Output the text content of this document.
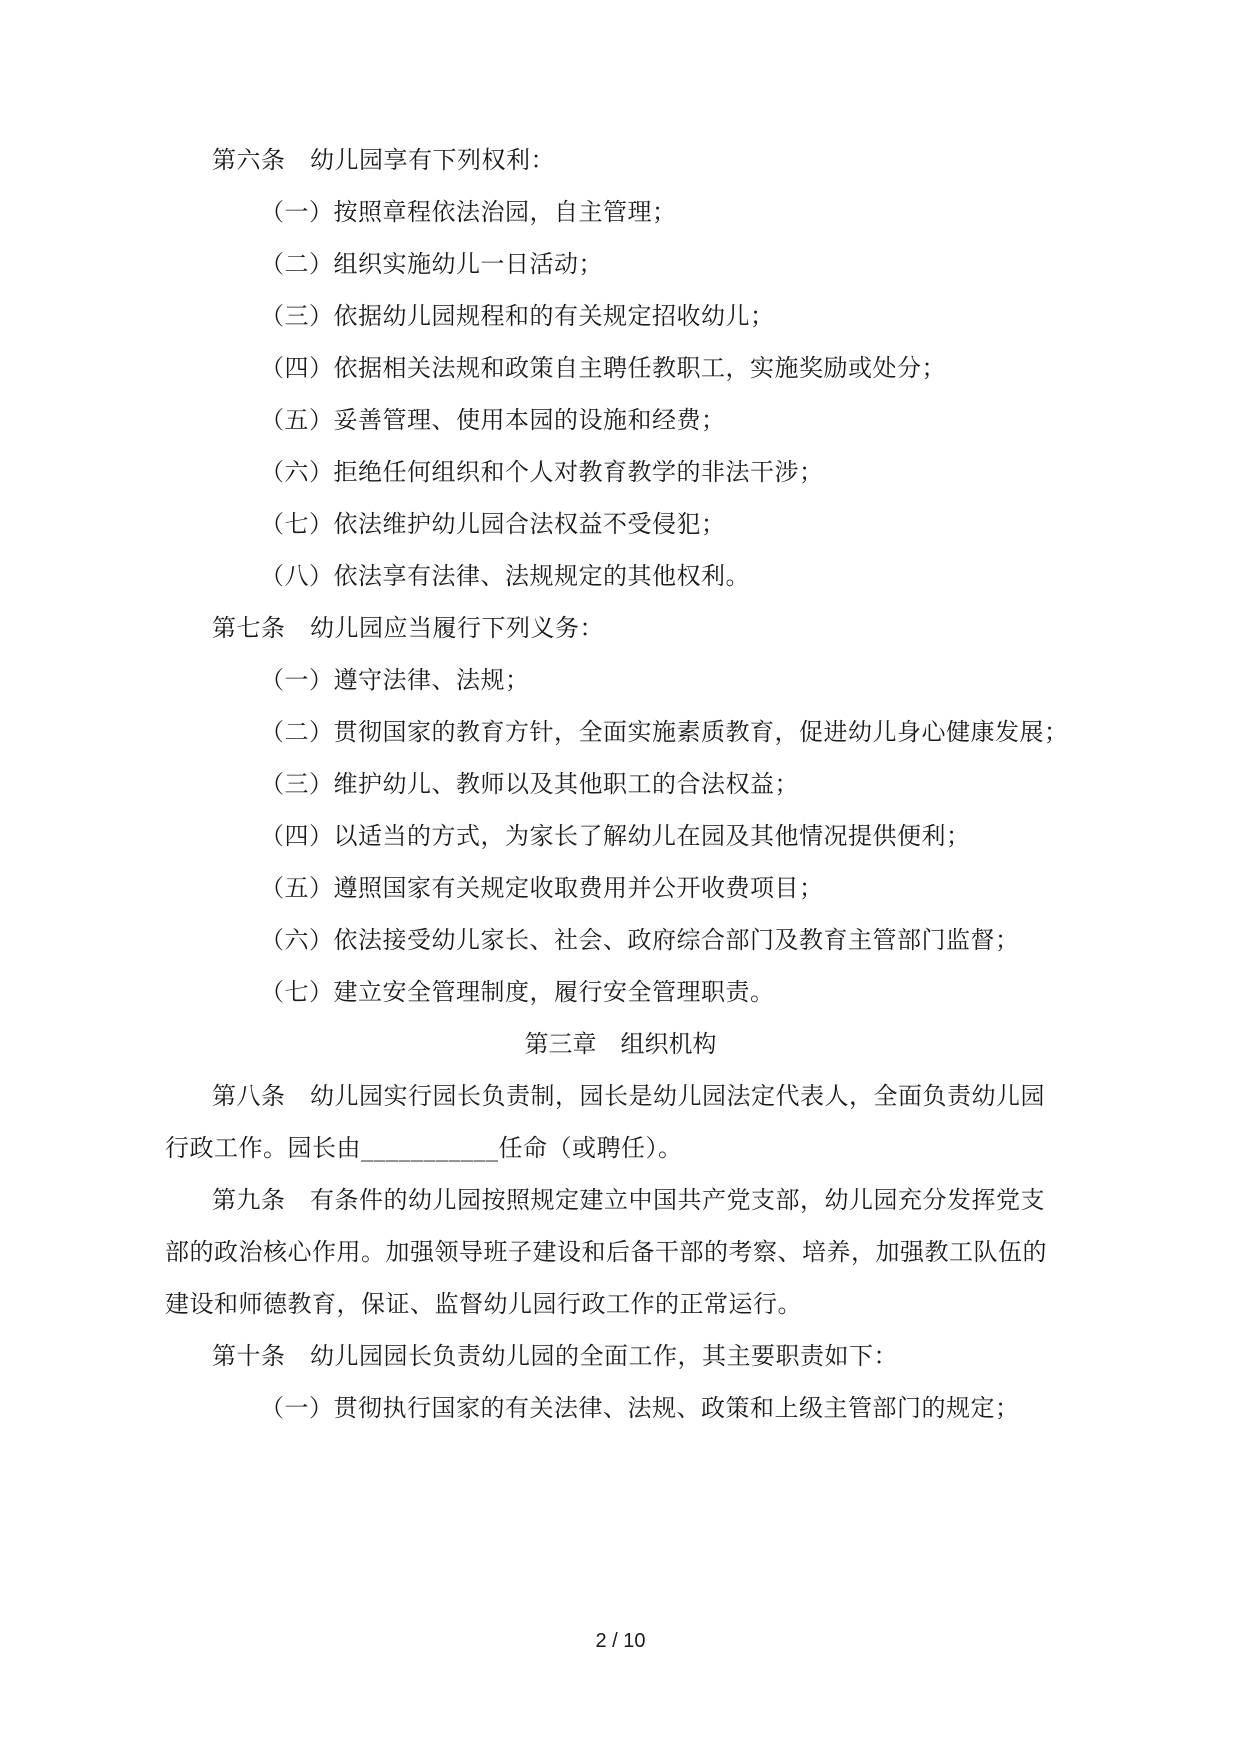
第六条　幼儿园享有下列权利：
（一）按照章程依法治园，自主管理；
（二）组织实施幼儿一日活动；
（三）依据幼儿园规程和的有关规定招收幼儿；
（四）依据相关法规和政策自主聘任教职工，实施奖励或处分；
（五）妥善管理、使用本园的设施和经费；
（六）拒绝任何组织和个人对教育教学的非法干涉；
（七）依法维护幼儿园合法权益不受侵犯；
（八）依法享有法律、法规规定的其他权利。
第七条　幼儿园应当履行下列义务：
（一）遵守法律、法规；
（二）贯彻国家的教育方针，全面实施素质教育，促进幼儿身心健康发展；
（三）维护幼儿、教师以及其他职工的合法权益；
（四）以适当的方式，为家长了解幼儿在园及其他情况提供便利；
（五）遵照国家有关规定收取费用并公开收费项目；
（六）依法接受幼儿家长、社会、政府综合部门及教育主管部门监督；
（七）建立安全管理制度，履行安全管理职责。
第三章　组织机构
第八条　幼儿园实行园长负责制，园长是幼儿园法定代表人，全面负责幼儿园
行政工作。园长由___________任命（或聘任）。
第九条　有条件的幼儿园按照规定建立中国共产党支部，幼儿园充分发挥党支
部的政治核心作用。加强领导班子建设和后备干部的考察、培养，加强教工队伍的
建设和师德教育，保证、监督幼儿园行政工作的正常运行。
第十条　幼儿园园长负责幼儿园的全面工作，其主要职责如下：
（一）贯彻执行国家的有关法律、法规、政策和上级主管部门的规定；
2 / 10
